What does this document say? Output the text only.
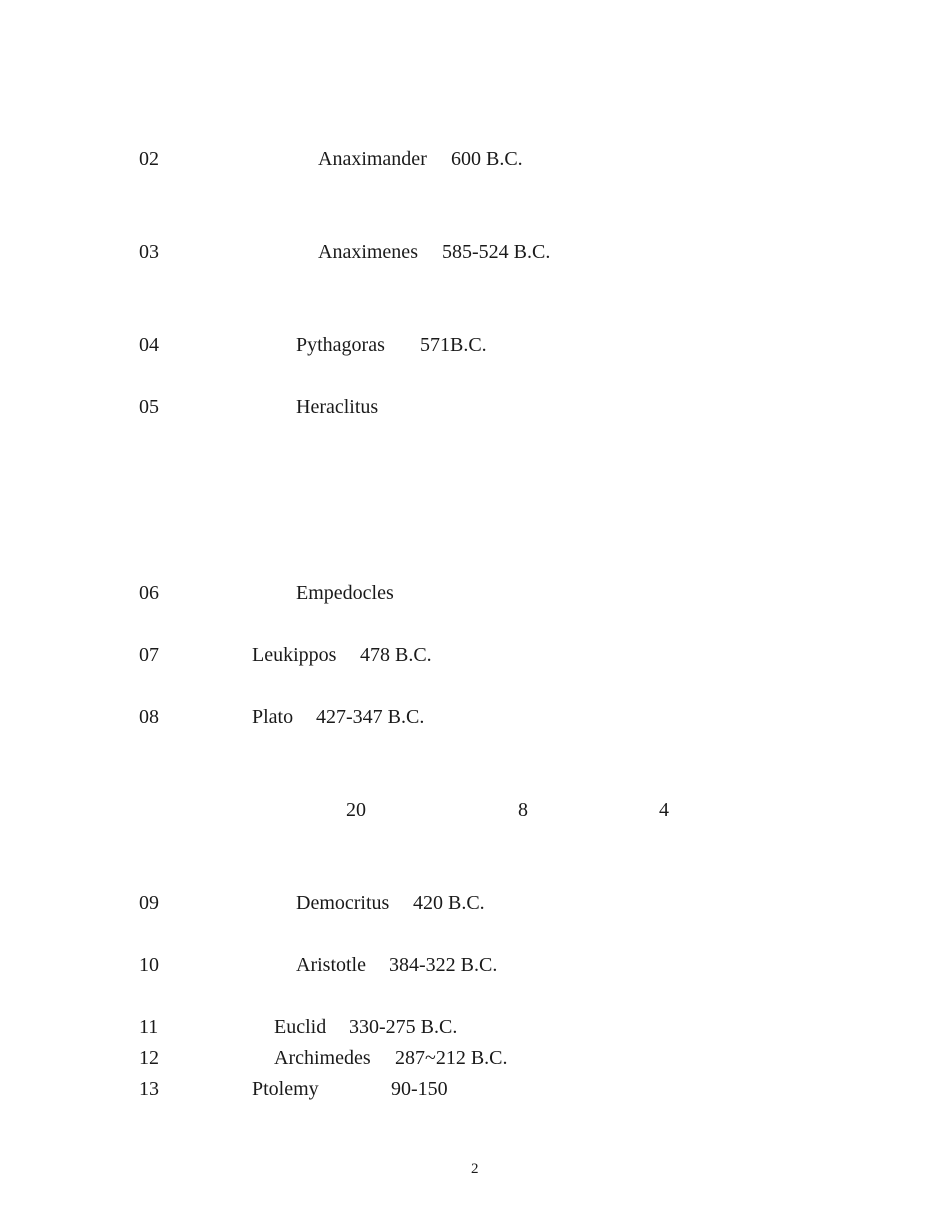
02	Anaximander 600 B.C.
03	Anaximenes 585-524 B.C.
04	Pythagoras 571B.C.
05	Heraclitus
06	Empedocles
07	Leukippos 478 B.C.
08	Plato 427-347 B.C.
20	8	4
09	Democritus 420 B.C.
10	Aristotle 384-322 B.C.
11	Euclid 330-275 B.C.
12	Archimedes 287~212 B.C.
13	Ptolemy	90-150
2
